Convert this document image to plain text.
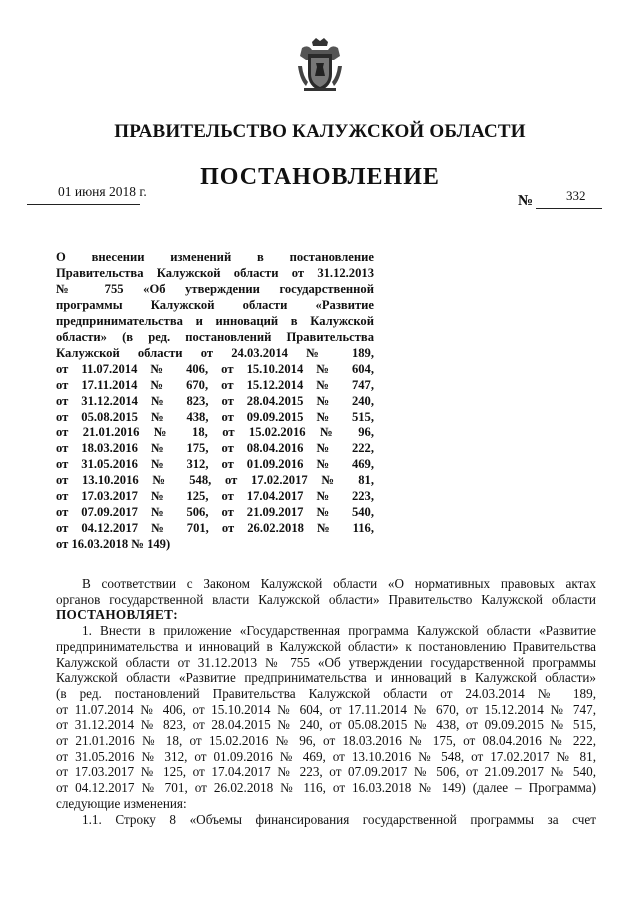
ПРАВИТЕЛЬСТВО КАЛУЖСКОЙ ОБЛАСТИ
ПОСТАНОВЛЕНИЕ
01 июня 2018 г.
№	332
О внесении изменений в постановление
Правительства Калужской области от 31.12.2013
№ 755 «Об утверждении государственной
программы Калужской области «Развитие
предпринимательства и инноваций в Калужской
области» (в ред. постановлений Правительства
Калужской области от 24.03.2014 № 189,
от 11.07.2014 № 406, от 15.10.2014 № 604,
от 17.11.2014 № 670, от 15.12.2014 № 747,
от 31.12.2014 № 823, от 28.04.2015 № 240,
от 05.08.2015 № 438, от 09.09.2015 № 515,
от 21.01.2016 № 18, от 15.02.2016 № 96,
от 18.03.2016 № 175, от 08.04.2016 № 222,
от 31.05.2016 № 312, от 01.09.2016 № 469,
от 13.10.2016 № 548, от 17.02.2017 № 81,
от 17.03.2017 № 125, от 17.04.2017 № 223,
от 07.09.2017 № 506, от 21.09.2017 № 540,
от 04.12.2017 № 701, от 26.02.2018 № 116,
от 16.03.2018 № 149)

В соответствии с Законом Калужской области «О нормативных правовых актах
органов государственной власти Калужской области» Правительство Калужской области
ПОСТАНОВЛЯЕТ:

1. Внести в приложение «Государственная программа Калужской области «Развитие
предпринимательства и инноваций в Калужской области» к постановлению Правительства
Калужской области от 31.12.2013 № 755 «Об утверждении государственной программы
Калужской области «Развитие предпринимательства и инноваций в Калужской области»
(в ред. постановлений Правительства Калужской области от 24.03.2014 № 189,
от 11.07.2014 № 406, от 15.10.2014 № 604, от 17.11.2014 № 670, от 15.12.2014 № 747,
от 31.12.2014 № 823, от 28.04.2015 № 240, от 05.08.2015 № 438, от 09.09.2015 № 515,
от 21.01.2016 № 18, от 15.02.2016 № 96, от 18.03.2016 № 175, от 08.04.2016 № 222,
от 31.05.2016 № 312, от 01.09.2016 № 469, от 13.10.2016 № 548, от 17.02.2017 № 81,
от 17.03.2017 № 125, от 17.04.2017 № 223, от 07.09.2017 № 506, от 21.09.2017 № 540,
от 04.12.2017 № 701, от 26.02.2018 № 116, от 16.03.2018 № 149) (далее – Программа)
следующие изменения:

1.1. Строку 8 «Объемы финансирования государственной программы за счет
